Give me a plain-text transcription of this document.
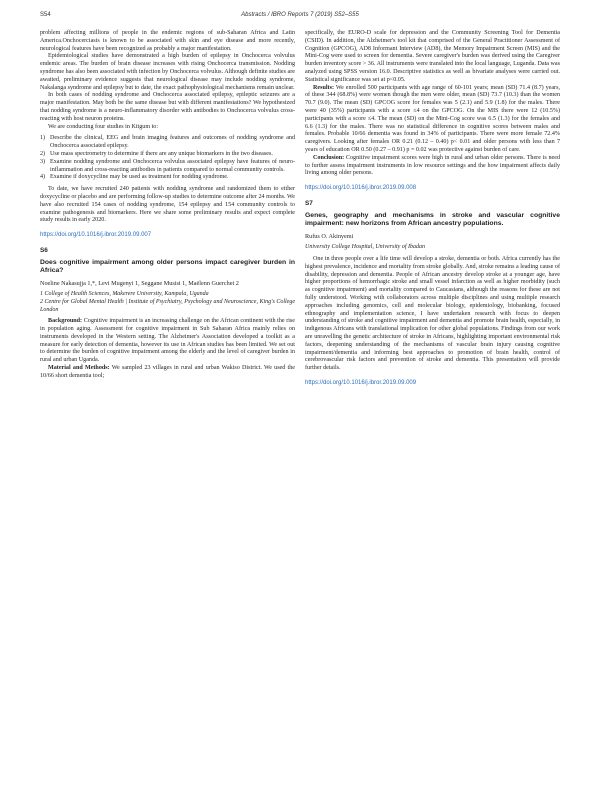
S54	Abstracts / IBRO Reports 7 (2019) S52–S55

problem affecting millions of people in the endemic regions of sub-Saharan Africa and Latin America.Onchocerciasis is known to be associated with skin and eye disease and more recently, neurological features have been recognized as probably a major manifestation.

Epidemiological studies have demonstrated a high burden of epilepsy in Onchocerca volvulus endemic areas. The burden of brain disease increases with rising Onchocerca transmission. Nodding syndrome has also been associated with infection by Onchocerca volvulus. Although definite studies are awaited, preliminary evidence suggests that neurological disease may include nodding syndrome, Nakalanga syndrome and epilepsy but to date, the exact pathophysiological mechanisms remain unclear.

In both cases of nodding syndrome and Onchocerca associated epilepsy, epileptic seizures are a major manifestation. May both be the same disease but with different manifestations? We hypothesized that nodding syndrome is a neuro-inflammatory disorder with antibodies to Onchocerca volvulus cross-reacting with host neuron proteins.

We are conducting four studies in Kitgum to:

1) Describe the clinical, EEG and brain imaging features and outcomes of nodding syndrome and Onchocerca associated epilepsy.
2) Use mass spectrometry to determine if there are any unique biomarkers in the two diseases.
3) Examine nodding syndrome and Onchocerca volvulus associated epilepsy have features of neuro-inflammation and cross-reacting antibodies in patients compared to normal community controls.
4) Examine if doxycycline may be used as treatment for nodding syndrome.

To date, we have recruited 240 patients with nodding syndrome and randomized them to either doxycycline or placebo and are performing follow-up studies to determine outcome after 24 months. We have also recruited 154 cases of nodding syndrome, 154 epilepsy and 154 community controls to examine pathogenesis and biomarkers. Here we share some preliminary results and expect complete study results in early 2020.

https://doi.org/10.1016/j.ibror.2019.09.007

S6

Does cognitive impairment among older persons impact caregiver burden in Africa?

Noeline Nakasujja 1,*, Levi Mugenyi 1, Seggane Musisi 1, Maëlenn Guerchet 2

1 College of Health Sciences, Makerere University, Kampala, Uganda

2 Centre for Global Mental Health | Institute of Psychiatry, Psychology and Neuroscience, King's College London

Background: Cognitive impairment is an increasing challenge on the African continent with the rise in population aging. Assessment for cognitive impairment in Sub Saharan Africa mainly relies on instruments developed in the Western setting. The Alzheimer's Association developed a toolkit as a measure for early detection of dementia, however its use in African studies has been limited. We set out to determine the burden of cognitive impairment among the elderly and the level of caregiver burden in rural and urban Uganda.

Material and Methods: We sampled 23 villages in rural and urban Wakiso District. We used the 10/66 short dementia tool;

specifically, the EURO-D scale for depression and the Community Screening Tool for Dementia (CSID). In addition, the Alzheimer's tool kit that comprised of the General Practitioner Assessment of Cognition (GPCOG), AD8 Informant Interview (AD8), the Memory Impairment Screen (MIS) and the Mini-Cog were used to screen for dementia. Severe caregiver's burden was derived using the Caregiver burden inventory score > 36. All instruments were translated into the local language, Luganda. Data was analyzed using SPSS version 16.0. Descriptive statistics as well as bivariate analyses were carried out. Statistical significance was set at p<0.05.

Results: We enrolled 500 participants with age range of 60-101 years; mean (SD) 71.4 (8.7) years, of these 344 (68.8%) were women though the men were older, mean (SD) 73.7 (10.3) than the women 70.7 (9.0). The mean (SD) GPCOG score for females was 5 (2.1) and 5.9 (1.8) for the males. There were 40 (35%) participants with a score ≤4 on the GPCOG. On the MIS there were 12 (10.5%) participants with a score ≤4. The mean (SD) on the Mini-Cog score was 6.5 (1.3) for the females and 6.6 (1.3) for the males. There was no statistical difference in cognitive scores between males and females. Probable 10/66 dementia was found in 34% of participants. There were more female 72.4% caregivers. Looking after females OR 0.21 (0.12 – 0.40) p< 0.01 and older persons with less than 7 years of education OR 0.50 (0.27 – 0.91) p = 0.02 was protective against burden of care.

Conclusion: Cognitive impairment scores were high in rural and urban older persons. There is need to further assess impairment instruments in low resource settings and the how impairment affects daily living among older persons.

https://doi.org/10.1016/j.ibror.2019.09.008

S7

Genes, geography and mechanisms in stroke and vascular cognitive impairment: new horizons from African ancestry populations.

Rufus O. Akinyemi

University College Hospital, University of Ibadan

One in three people over a life time will develop a stroke, dementia or both. Africa currently has the highest prevalence, incidence and mortality from stroke globally. And, stroke remains a leading cause of disability, depression and dementia. People of African ancestry develop stroke at a younger age, have higher proportions of hemorrhagic stroke and small vessel infarction as well as higher morbidity (such as cognitive impairment) and mortality compared to Caucasians, although the reasons for these are not fully understood. Working with collaborators across multiple disciplines and using multiple research approaches including genomics, cell and molecular biology, epidemiology, biobanking, focused ethnography and implementation science, I have undertaken research with focus to deepen understanding of stroke and cognitive impairment and dementia and promote brain health, especially, in indigenous Africans with translational implication for other global populations. Findings from our work are unravelling the genetic architecture of stroke in Africans, highlighting important environmental risk factors, deepening understanding of the mechanisms of vascular brain injury causing cognitive impairment/dementia and informing best approaches to promotion of brain health, control of cerebrovascular risk factors and prevention of stroke and dementia. This presentation will provide further details.

https://doi.org/10.1016/j.ibror.2019.09.009
